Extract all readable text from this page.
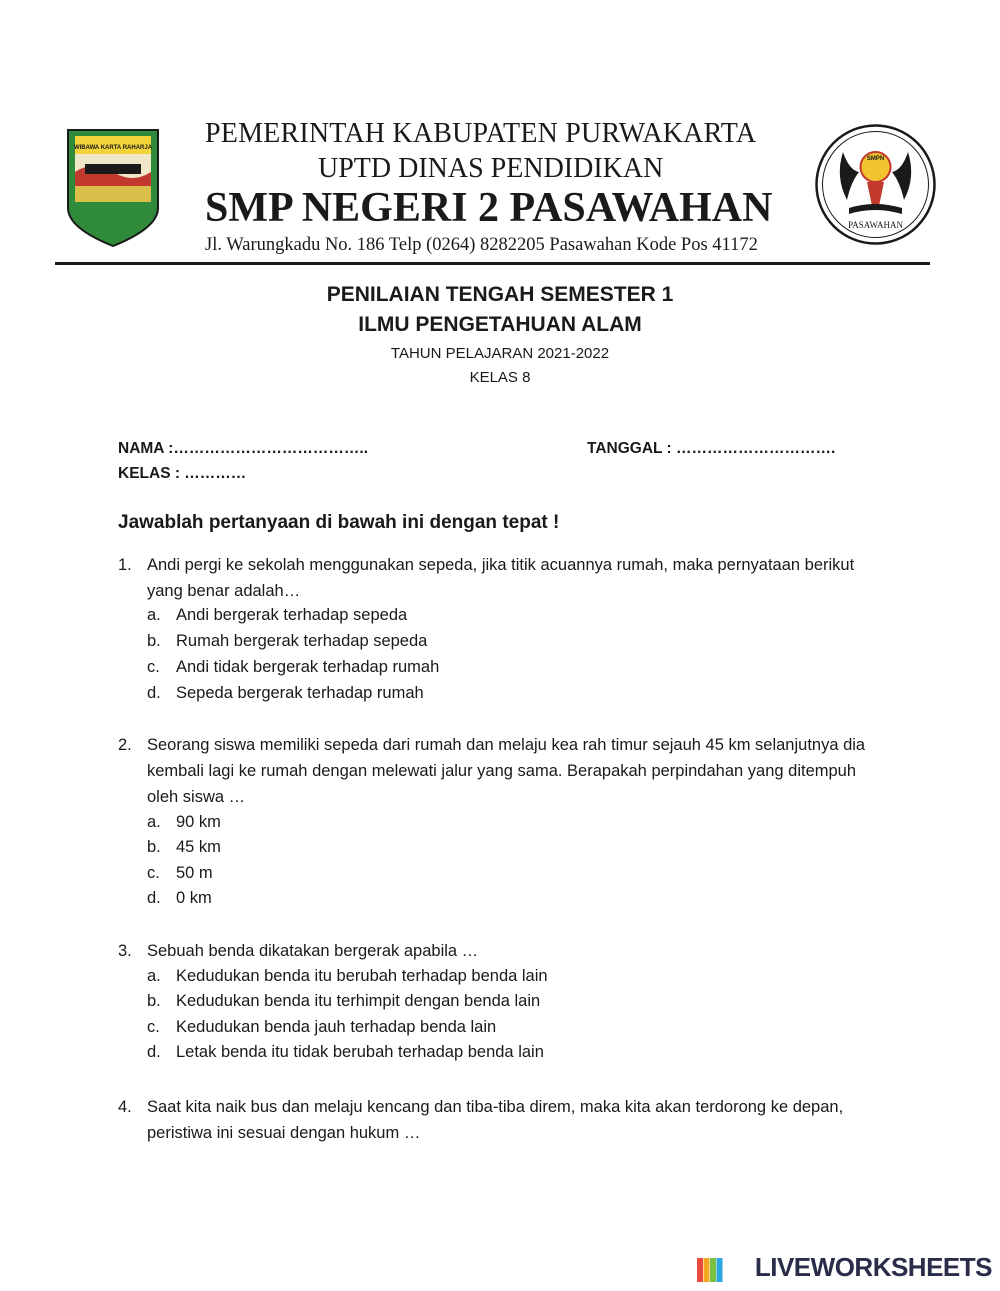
WIBAWA KARTA RAHARJA
SMPN
PASAWAHAN
PEMERINTAH KABUPATEN PURWAKARTA
UPTD DINAS PENDIDIKAN
SMP NEGERI 2 PASAWAHAN
Jl. Warungkadu No. 186 Telp (0264) 8282205 Pasawahan Kode Pos 41172
PENILAIAN TENGAH SEMESTER 1
ILMU PENGETAHUAN ALAM
TAHUN PELAJARAN 2021-2022
KELAS 8
NAMA :………………………………..	TANGGAL : ………………………….
KELAS : …………
Jawablah pertanyaan di bawah ini dengan tepat !
1. Andi pergi ke sekolah menggunakan sepeda, jika titik acuannya rumah, maka pernyataan berikut yang benar adalah…
a. Andi bergerak terhadap sepeda
b. Rumah bergerak terhadap sepeda
c. Andi tidak bergerak terhadap rumah
d. Sepeda bergerak terhadap rumah
2. Seorang siswa memiliki sepeda dari rumah dan melaju kea rah timur sejauh 45 km selanjutnya dia kembali lagi ke rumah dengan melewati jalur yang sama. Berapakah perpindahan yang ditempuh oleh siswa …
a. 90 km
b. 45 km
c. 50 m
d. 0 km
3. Sebuah benda dikatakan bergerak apabila …
a. Kedudukan benda itu berubah terhadap benda lain
b. Kedudukan benda itu terhimpit dengan benda lain
c. Kedudukan benda jauh terhadap benda lain
d. Letak benda itu tidak berubah terhadap benda lain
4. Saat kita naik bus dan melaju kencang dan tiba-tiba direm, maka kita akan terdorong ke depan, peristiwa ini sesuai dengan hukum …
LIVEWORKSHEETS
